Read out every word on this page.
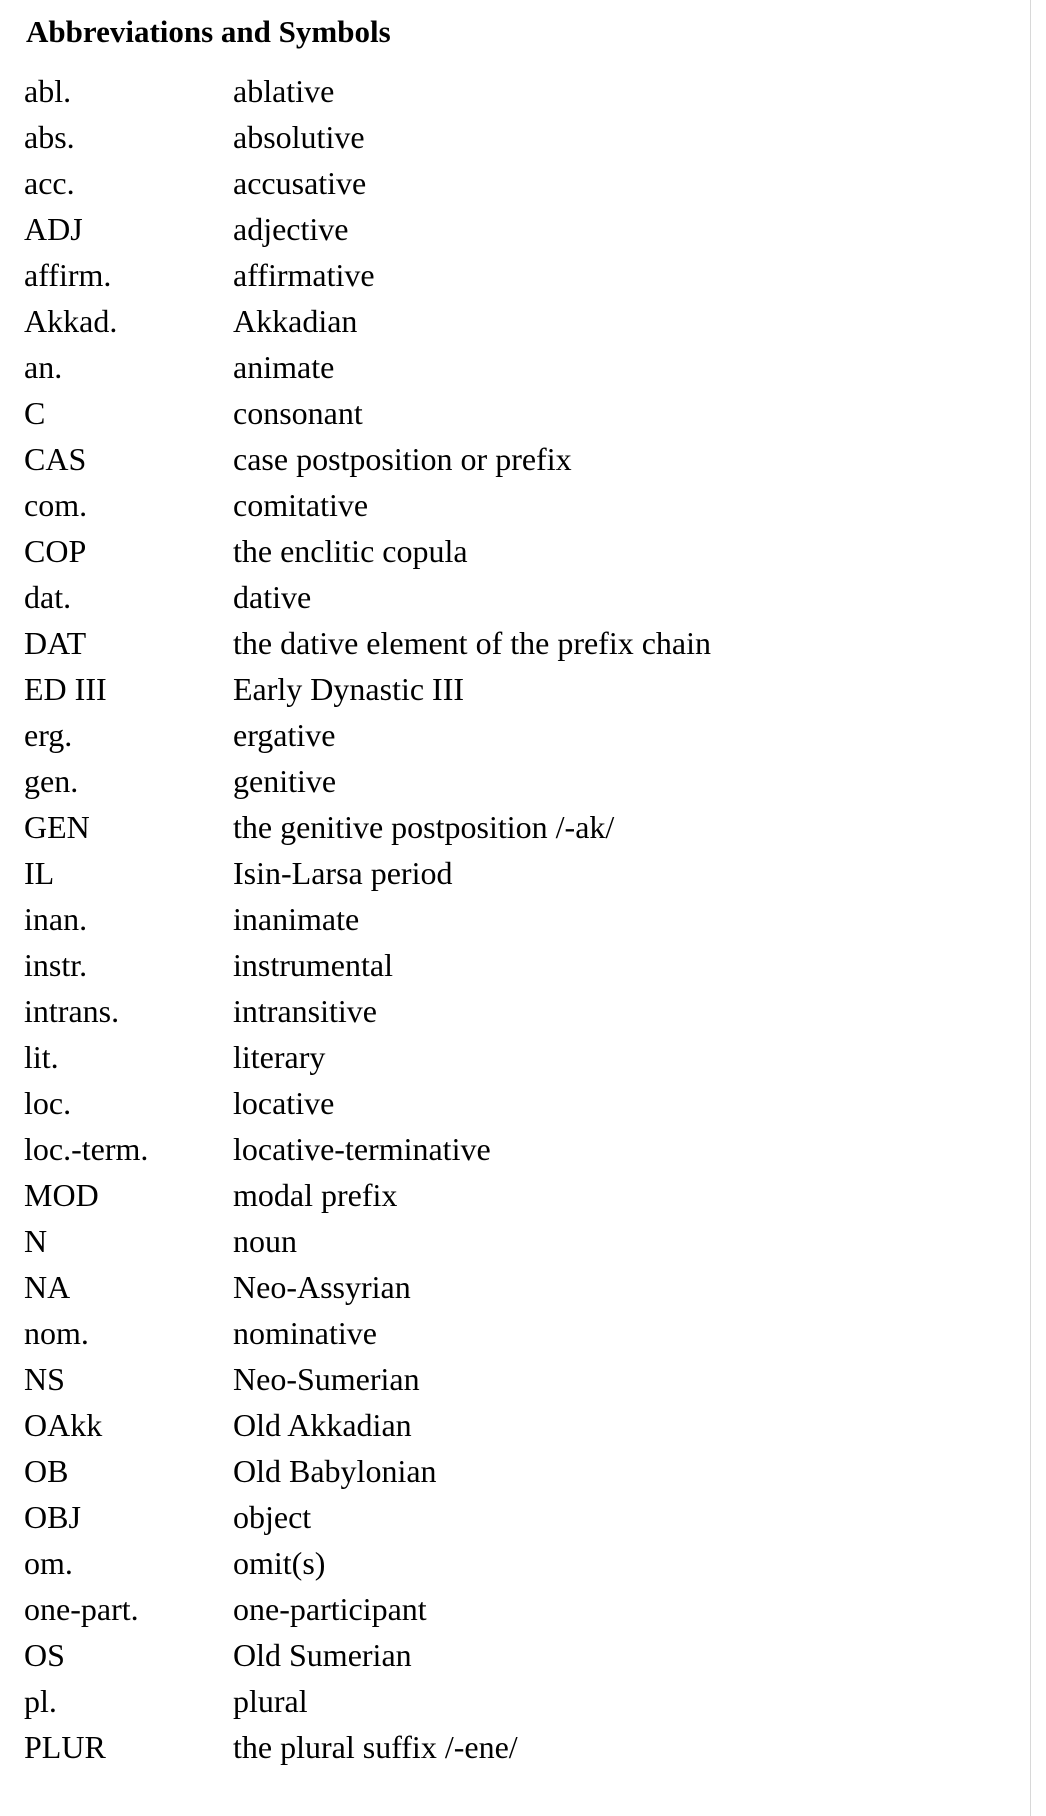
Abbreviations and Symbols
abl.	ablative
abs.	absolutive
acc.	accusative
ADJ	adjective
affirm.	affirmative
Akkad.	Akkadian
an.	animate
C	consonant
CAS	case postposition or prefix
com.	comitative
COP	the enclitic copula
dat.	dative
DAT	the dative element of the prefix chain
ED III	Early Dynastic III
erg.	ergative
gen.	genitive
GEN	the genitive postposition /-ak/
IL	Isin-Larsa period
inan.	inanimate
instr.	instrumental
intrans.	intransitive
lit.	literary
loc.	locative
loc.-term.	locative-terminative
MOD	modal prefix
N	noun
NA	Neo-Assyrian
nom.	nominative
NS	Neo-Sumerian
OAkk	Old Akkadian
OB	Old Babylonian
OBJ	object
om.	omit(s)
one-part.	one-participant
OS	Old Sumerian
pl.	plural
PLUR	the plural suffix /-ene/
